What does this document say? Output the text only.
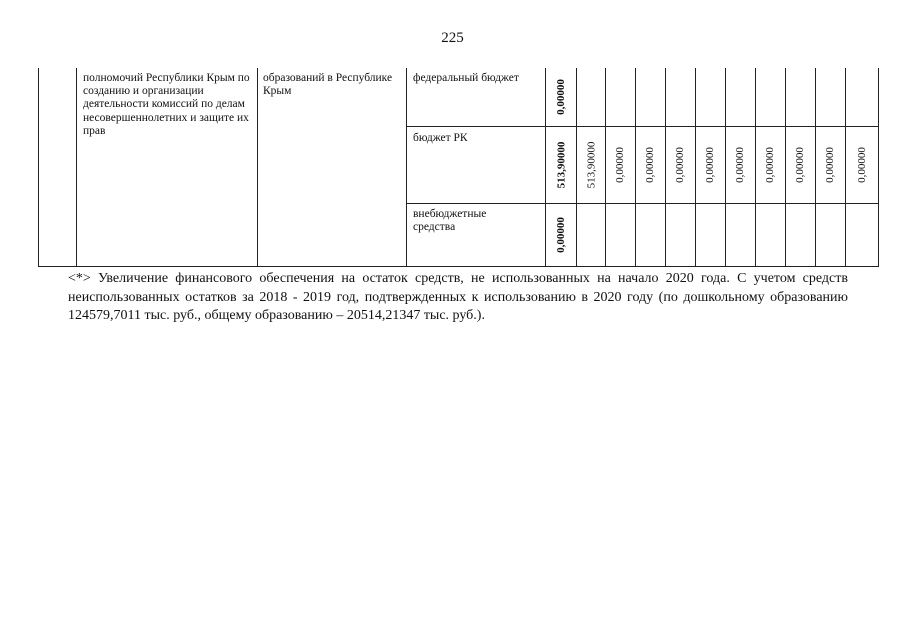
225
полномочий Республики Крым по созданию и организации деятельности комиссий по делам несовершеннолетних и защите их прав
образований в Республике Крым
федеральный бюджет
бюджет РК
внебюджетные средства
0,00000
513,90000 513,90000 0,00000 0,00000 0,00000 0,00000 0,00000 0,00000 0,00000 0,00000 0,00000
0,00000
<*> Увеличение финансового обеспечения на остаток средств, не использованных на начало 2020 года. С учетом средств неиспользованных остатков за 2018 - 2019 год, подтвержденных к использованию в 2020 году (по дошкольному образованию 124579,7011 тыс. руб., общему образованию – 20514,21347 тыс. руб.).
